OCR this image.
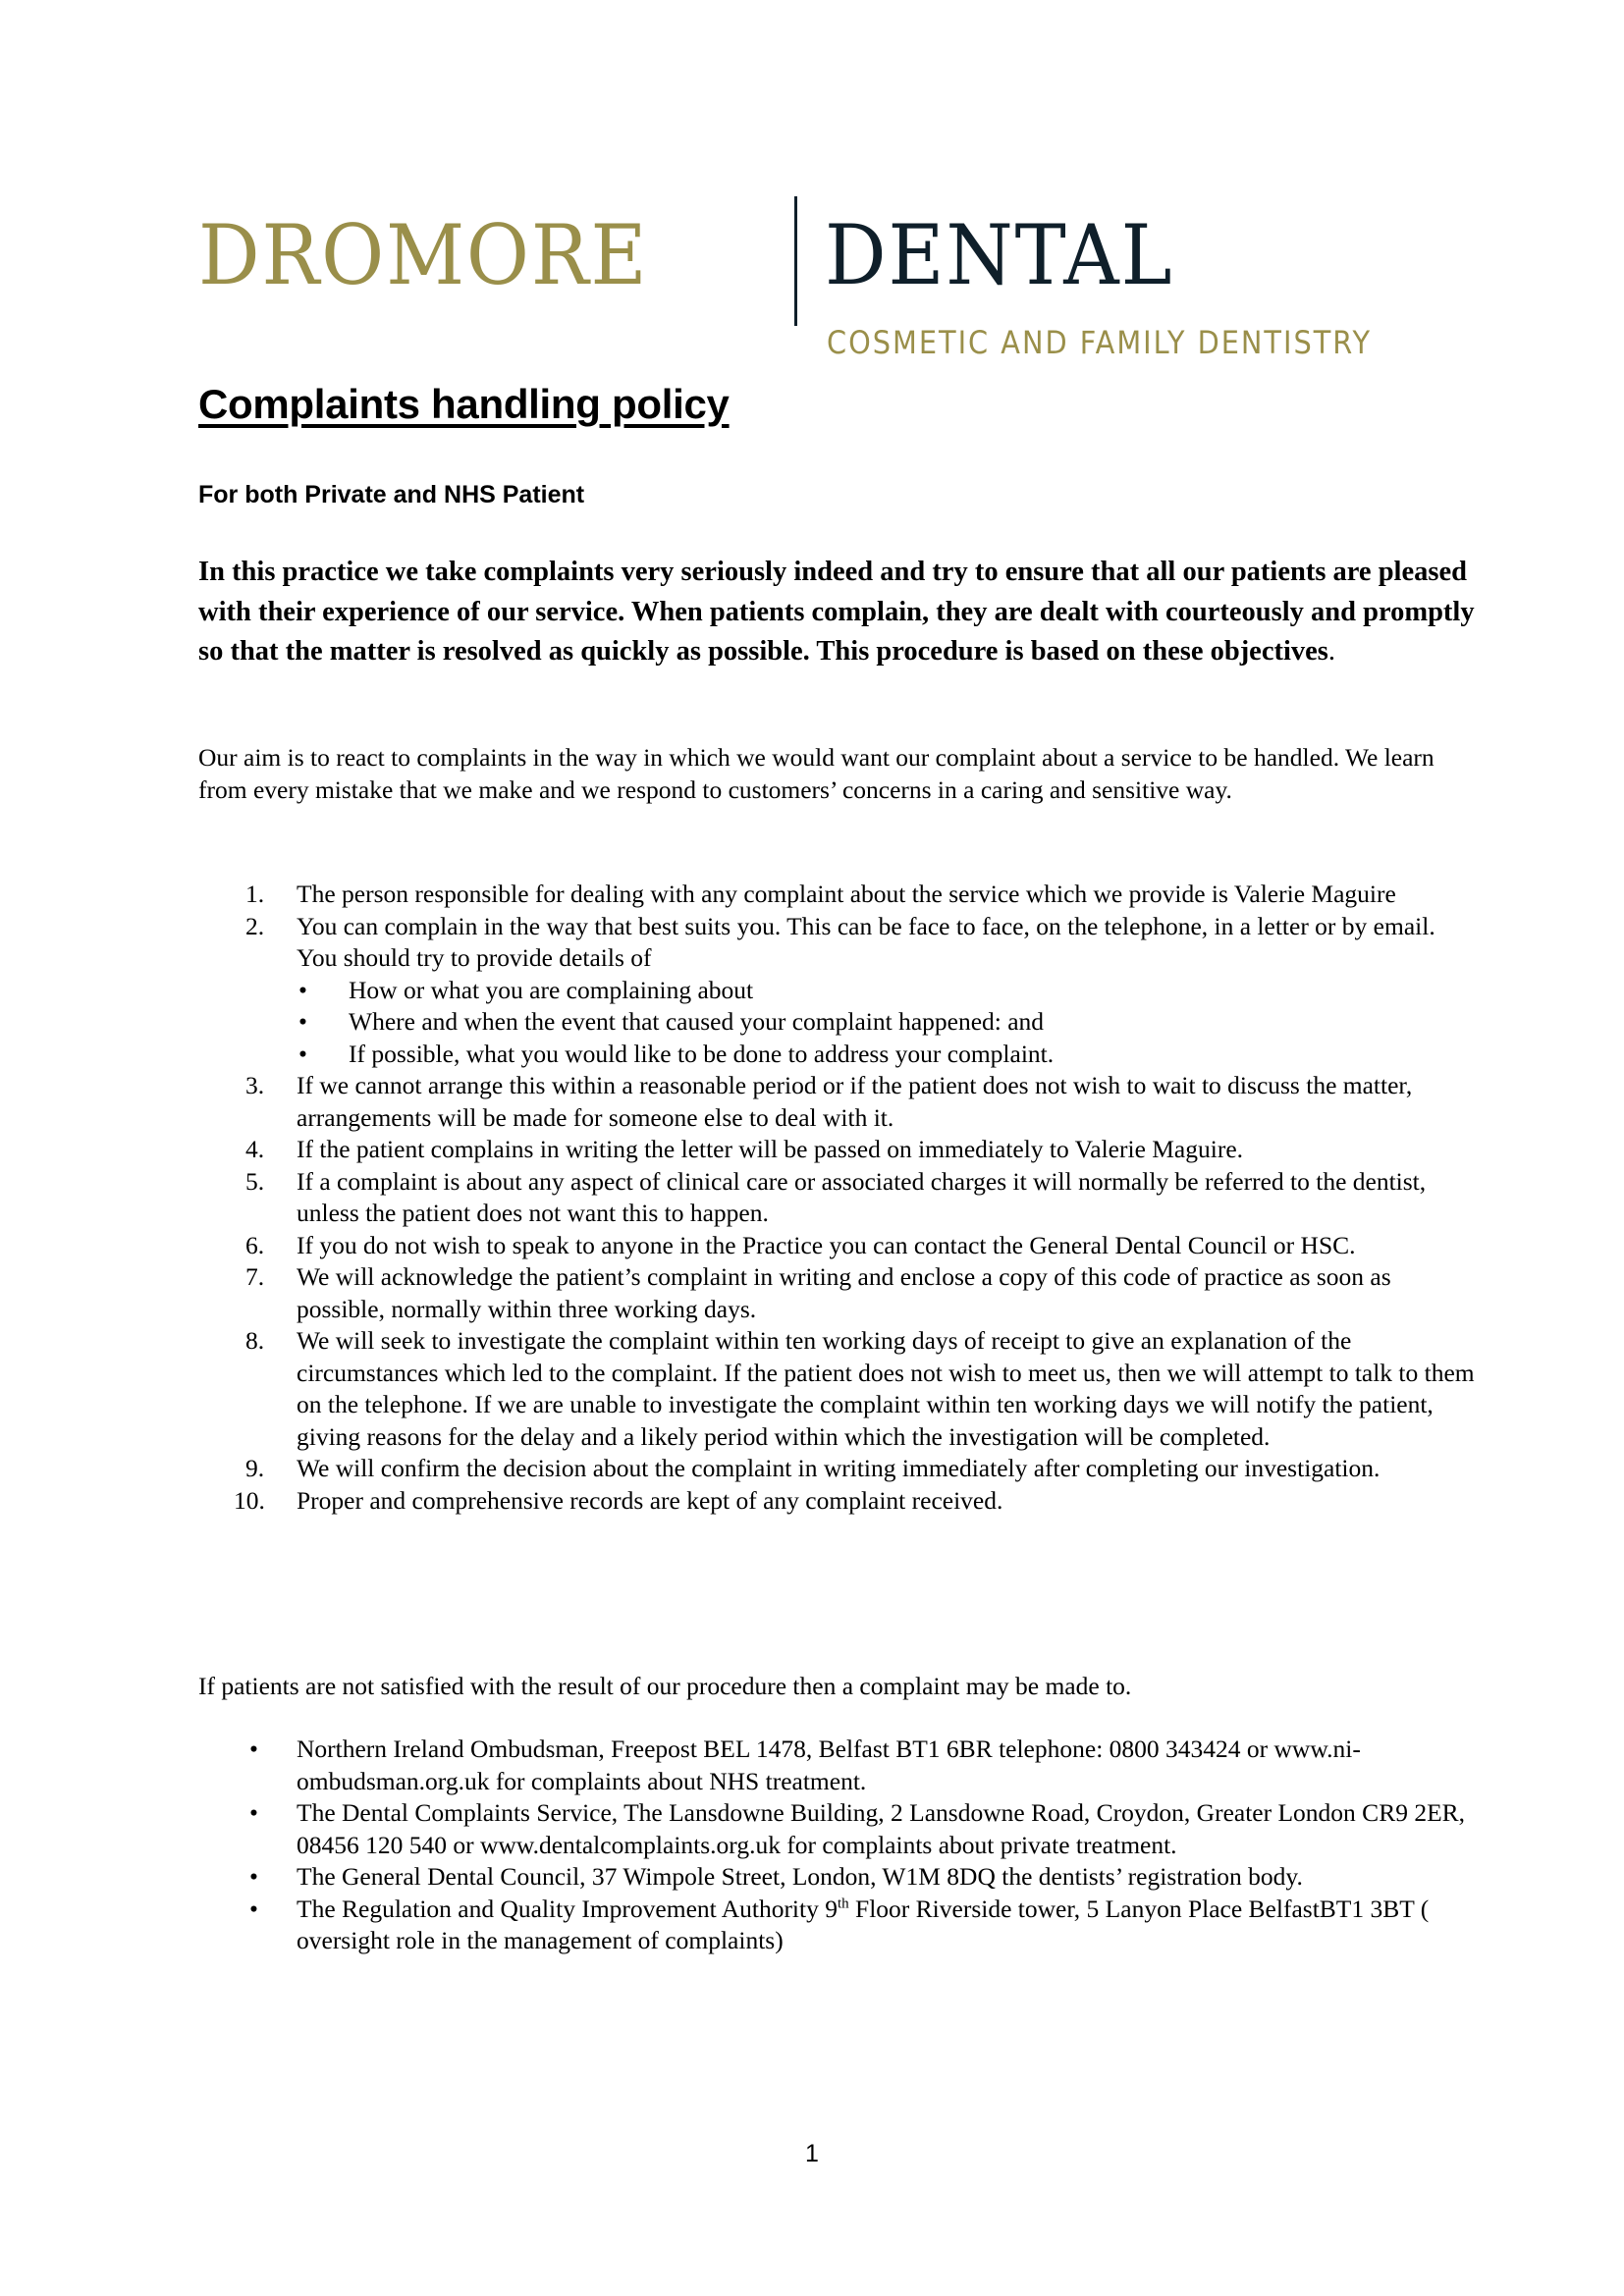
DROMORE DENTAL
COSMETIC AND FAMILY DENTISTRY
Complaints handling policy
For both Private and NHS Patient

In this practice we take complaints very seriously indeed and try to ensure that all our patients are pleased with their experience of our service. When patients complain, they are dealt with courteously and promptly so that the matter is resolved as quickly as possible. This procedure is based on these objectives.

Our aim is to react to complaints in the way in which we would want our complaint about a service to be handled. We learn from every mistake that we make and we respond to customers’ concerns in a caring and sensitive way.

1.	The person responsible for dealing with any complaint about the service which we provide is Valerie Maguire
2.	You can complain in the way that best suits you. This can be face to face, on the telephone, in a letter or by email. You should try to provide details of
• How or what you are complaining about
• Where and when the event that caused your complaint happened: and
• If possible, what you would like to be done to address your complaint.
3.	If we cannot arrange this within a reasonable period or if the patient does not wish to wait to discuss the matter, arrangements will be made for someone else to deal with it.
4.	If the patient complains in writing the letter will be passed on immediately to Valerie Maguire.
5.	If a complaint is about any aspect of clinical care or associated charges it will normally be referred to the dentist, unless the patient does not want this to happen.
6.	If you do not wish to speak to anyone in the Practice you can contact the General Dental Council or HSC.
7.	We will acknowledge the patient’s complaint in writing and enclose a copy of this code of practice as soon as possible, normally within three working days.
8.	We will seek to investigate the complaint within ten working days of receipt to give an explanation of the circumstances which led to the complaint. If the patient does not wish to meet us, then we will attempt to talk to them on the telephone. If we are unable to investigate the complaint within ten working days we will notify the patient, giving reasons for the delay and a likely period within which the investigation will be completed.
9.	We will confirm the decision about the complaint in writing immediately after completing our investigation.
10.	Proper and comprehensive records are kept of any complaint received.

If patients are not satisfied with the result of our procedure then a complaint may be made to.

• Northern Ireland Ombudsman, Freepost BEL 1478, Belfast BT1 6BR telephone: 0800 343424 or www.ni-ombudsman.org.uk for complaints about NHS treatment.
• The Dental Complaints Service, The Lansdowne Building, 2 Lansdowne Road, Croydon, Greater London CR9 2ER, 08456 120 540 or www.dentalcomplaints.org.uk for complaints about private treatment.
• The General Dental Council, 37 Wimpole Street, London, W1M 8DQ the dentists’ registration body.
• The Regulation and Quality Improvement Authority 9th Floor Riverside tower, 5 Lanyon Place BelfastBT1 3BT ( oversight role in the management of complaints)
1
